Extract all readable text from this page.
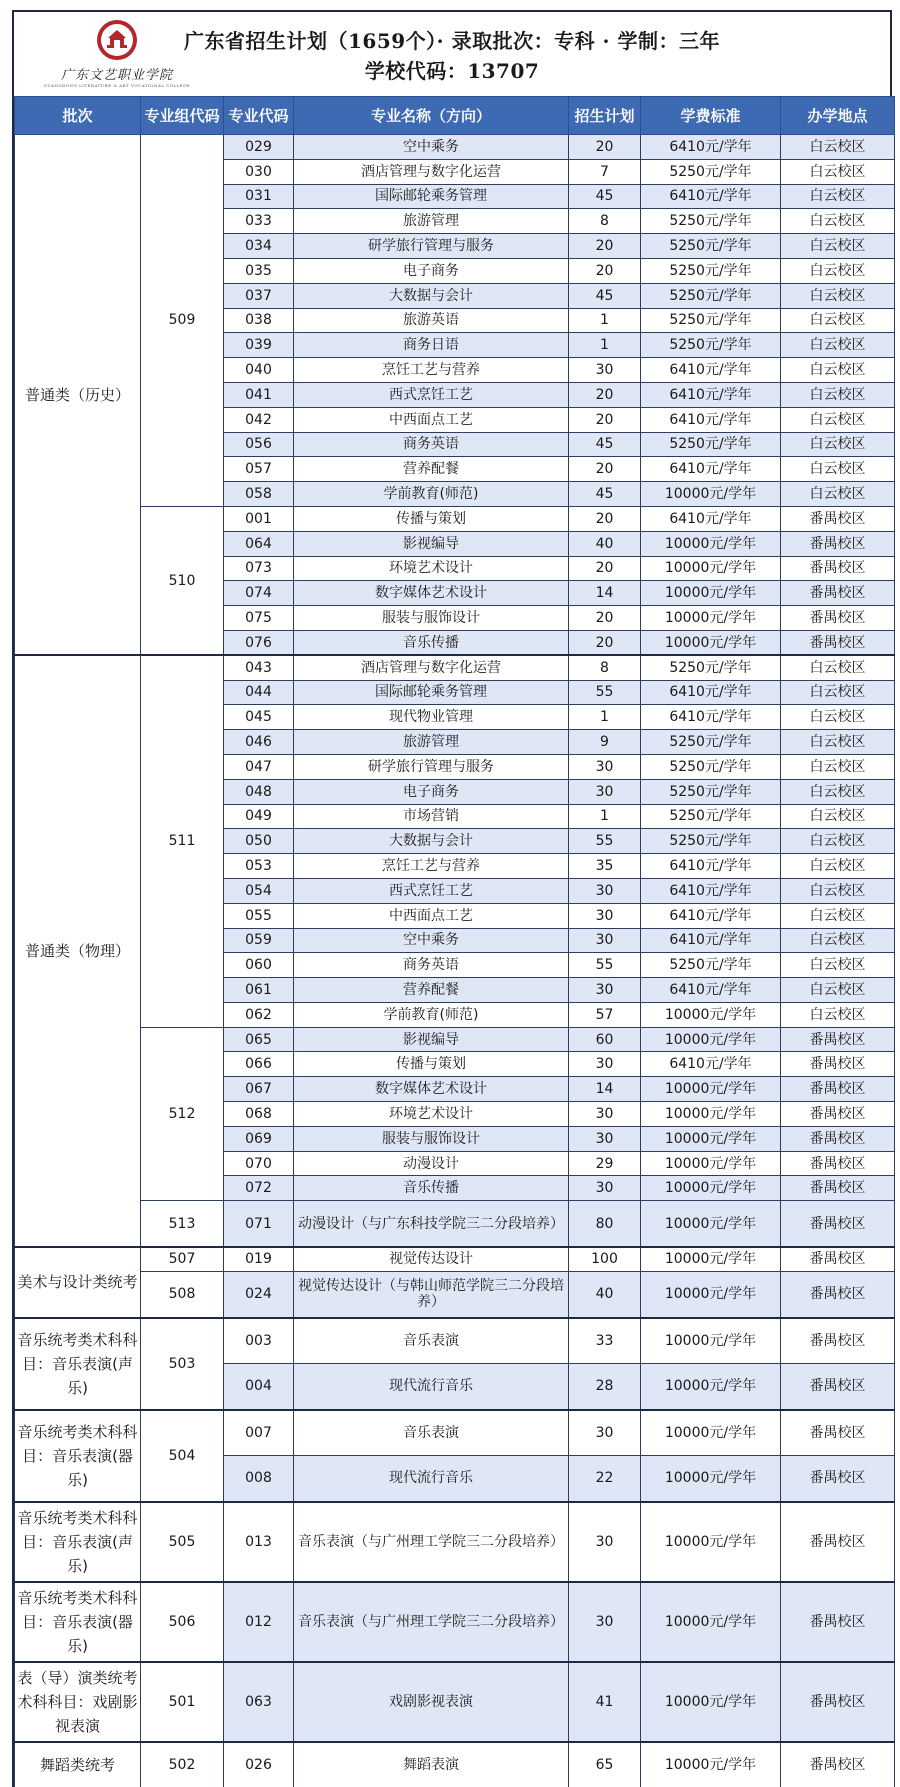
广东文艺职业学院
GUANGDONG LITERATURE & ART VOCATIONAL COLLEGE
广东省招生计划（1659个）· 录取批次：专科 · 学制：三年
学校代码：13707
批次	专业组代码	专业代码	专业名称（方向）	招生计划	学费标准	办学地点
普通类（历史）	509	029	空中乘务	20	6410元/学年	白云校区
		030	酒店管理与数字化运营	7	5250元/学年	白云校区
		031	国际邮轮乘务管理	45	6410元/学年	白云校区
		033	旅游管理	8	5250元/学年	白云校区
		034	研学旅行管理与服务	20	5250元/学年	白云校区
		035	电子商务	20	5250元/学年	白云校区
		037	大数据与会计	45	5250元/学年	白云校区
		038	旅游英语	1	5250元/学年	白云校区
		039	商务日语	1	5250元/学年	白云校区
		040	烹饪工艺与营养	30	6410元/学年	白云校区
		041	西式烹饪工艺	20	6410元/学年	白云校区
		042	中西面点工艺	20	6410元/学年	白云校区
		056	商务英语	45	5250元/学年	白云校区
		057	营养配餐	20	6410元/学年	白云校区
		058	学前教育(师范)	45	10000元/学年	白云校区
	510	001	传播与策划	20	6410元/学年	番禺校区
		064	影视编导	40	10000元/学年	番禺校区
		073	环境艺术设计	20	10000元/学年	番禺校区
		074	数字媒体艺术设计	14	10000元/学年	番禺校区
		075	服装与服饰设计	20	10000元/学年	番禺校区
		076	音乐传播	20	10000元/学年	番禺校区
普通类（物理）	511	043	酒店管理与数字化运营	8	5250元/学年	白云校区
		044	国际邮轮乘务管理	55	6410元/学年	白云校区
		045	现代物业管理	1	6410元/学年	白云校区
		046	旅游管理	9	5250元/学年	白云校区
		047	研学旅行管理与服务	30	5250元/学年	白云校区
		048	电子商务	30	5250元/学年	白云校区
		049	市场营销	1	5250元/学年	白云校区
		050	大数据与会计	55	5250元/学年	白云校区
		053	烹饪工艺与营养	35	6410元/学年	白云校区
		054	西式烹饪工艺	30	6410元/学年	白云校区
		055	中西面点工艺	30	6410元/学年	白云校区
		059	空中乘务	30	6410元/学年	白云校区
		060	商务英语	55	5250元/学年	白云校区
		061	营养配餐	30	6410元/学年	白云校区
		062	学前教育(师范)	57	10000元/学年	白云校区
	512	065	影视编导	60	10000元/学年	番禺校区
		066	传播与策划	30	6410元/学年	番禺校区
		067	数字媒体艺术设计	14	10000元/学年	番禺校区
		068	环境艺术设计	30	10000元/学年	番禺校区
		069	服装与服饰设计	30	10000元/学年	番禺校区
		070	动漫设计	29	10000元/学年	番禺校区
		072	音乐传播	30	10000元/学年	番禺校区
	513	071	动漫设计（与广东科技学院三二分段培养）	80	10000元/学年	番禺校区
美术与设计类统考	507	019	视觉传达设计	100	10000元/学年	番禺校区
	508	024	视觉传达设计（与韩山师范学院三二分段培养）	40	10000元/学年	番禺校区
音乐统考类术科科目：音乐表演(声乐)	503	003	音乐表演	33	10000元/学年	番禺校区
		004	现代流行音乐	28	10000元/学年	番禺校区
音乐统考类术科科目：音乐表演(器乐)	504	007	音乐表演	30	10000元/学年	番禺校区
		008	现代流行音乐	22	10000元/学年	番禺校区
音乐统考类术科科目：音乐表演(声乐)	505	013	音乐表演（与广州理工学院三二分段培养）	30	10000元/学年	番禺校区
音乐统考类术科科目：音乐表演(器乐)	506	012	音乐表演（与广州理工学院三二分段培养）	30	10000元/学年	番禺校区
表（导）演类统考术科科目：戏剧影视表演	501	063	戏剧影视表演	41	10000元/学年	番禺校区
舞蹈类统考	502	026	舞蹈表演	65	10000元/学年	番禺校区
